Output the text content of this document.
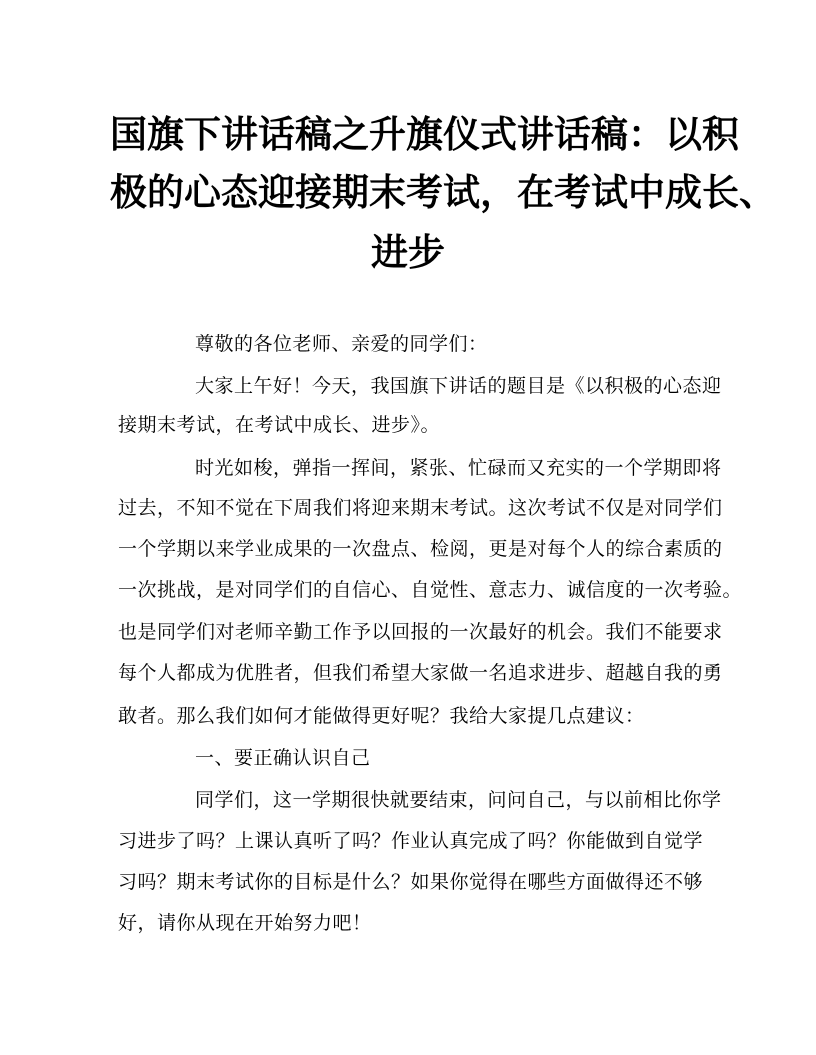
国旗下讲话稿之升旗仪式讲话稿：以积
极的心态迎接期末考试，在考试中成长、
进步
尊敬的各位老师、亲爱的同学们：
大家上午好！今天，我国旗下讲话的题目是《以积极的心态迎
接期末考试，在考试中成长、进步》。
时光如梭，弹指一挥间，紧张、忙碌而又充实的一个学期即将
过去，不知不觉在下周我们将迎来期末考试。这次考试不仅是对同学们
一个学期以来学业成果的一次盘点、检阅，更是对每个人的综合素质的
一次挑战，是对同学们的自信心、自觉性、意志力、诚信度的一次考验。
也是同学们对老师辛勤工作予以回报的一次最好的机会。我们不能要求
每个人都成为优胜者，但我们希望大家做一名追求进步、超越自我的勇
敢者。那么我们如何才能做得更好呢？我给大家提几点建议：
一、要正确认识自己
同学们，这一学期很快就要结束，问问自己，与以前相比你学
习进步了吗？上课认真听了吗？作业认真完成了吗？你能做到自觉学
习吗？期末考试你的目标是什么？如果你觉得在哪些方面做得还不够
好，请你从现在开始努力吧！
